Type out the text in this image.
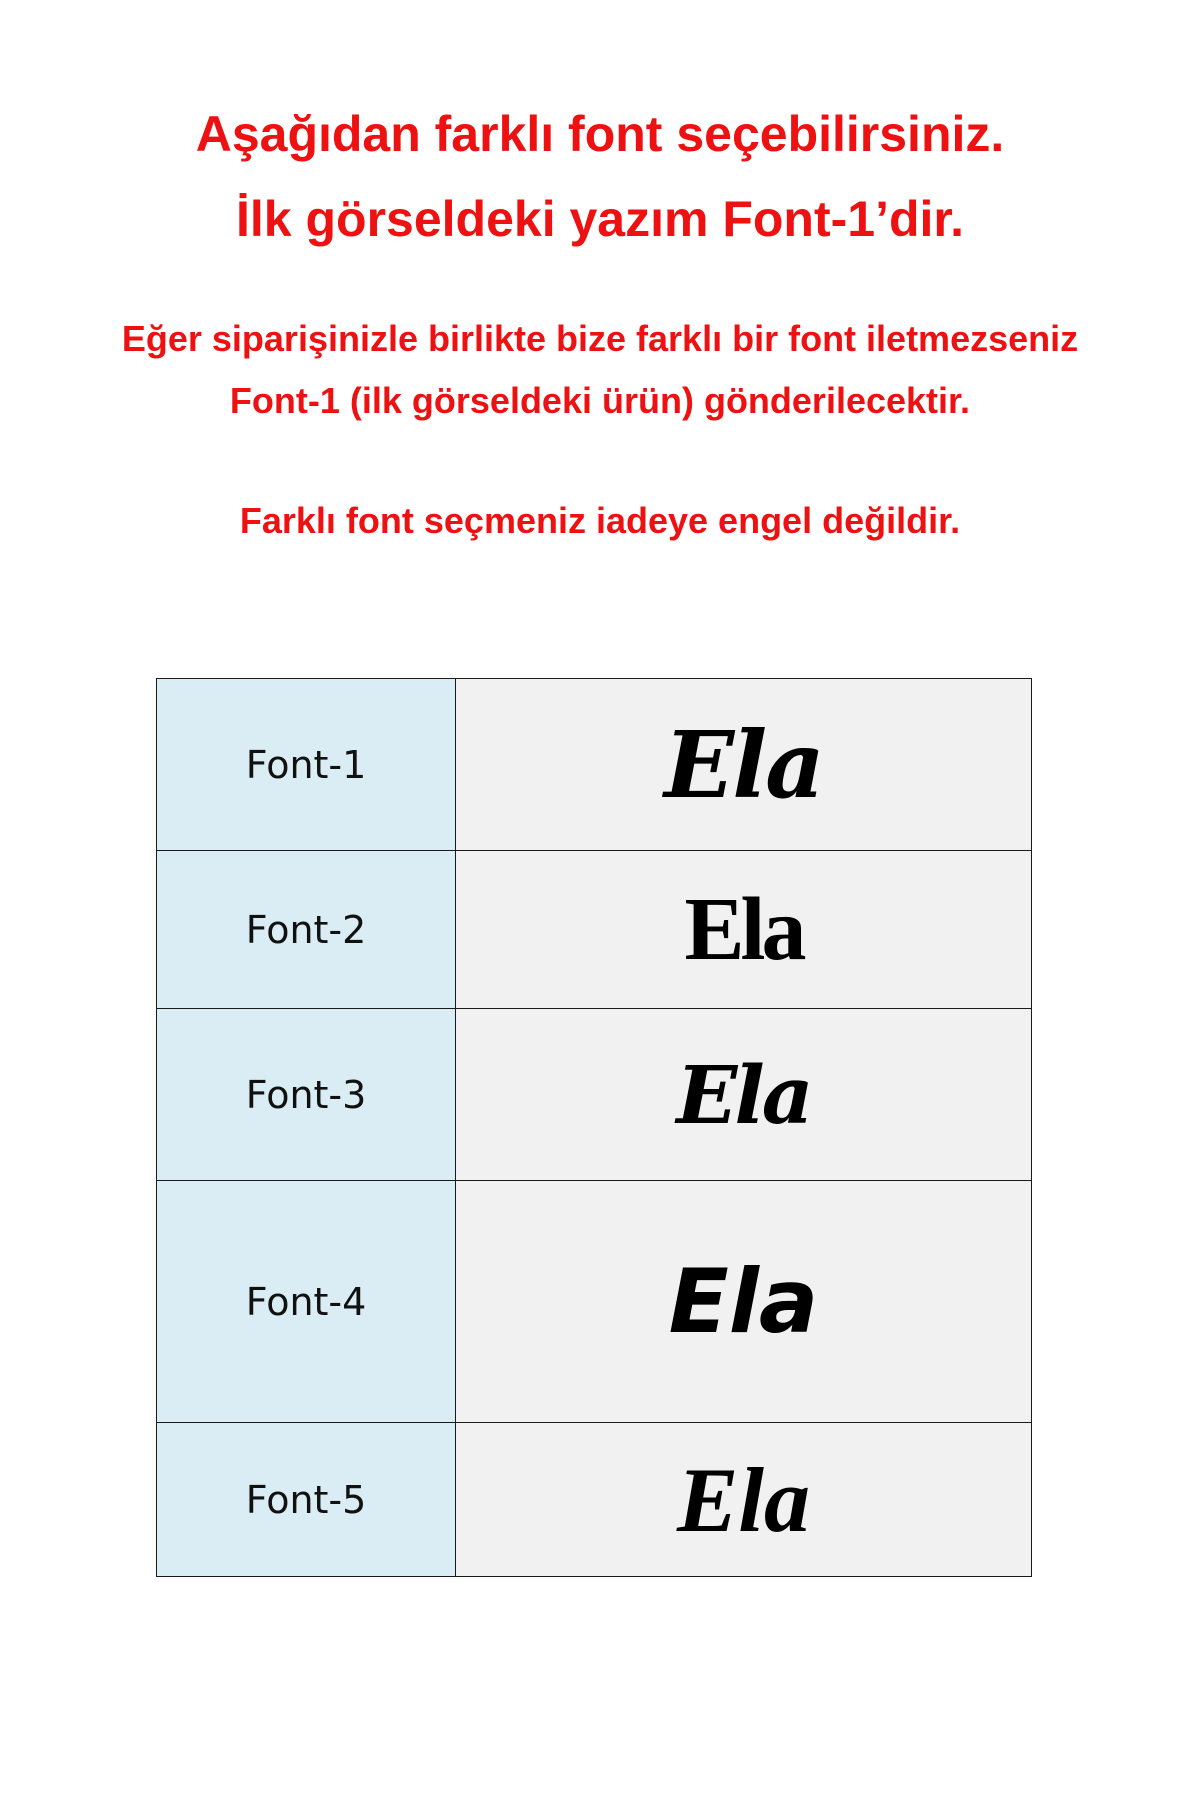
Aşağıdan farklı font seçebilirsiniz.
İlk görseldeki yazım Font-1’dir.

Eğer siparişinizle birlikte bize farklı bir font iletmezseniz

Font-1 (ilk görseldeki ürün) gönderilecektir.

Farklı font seçmeniz iadeye engel değildir.

Font-1	Ela
Font-2	Ela
Font-3	Ela
Font-4	Ela
Font-5	Ela
